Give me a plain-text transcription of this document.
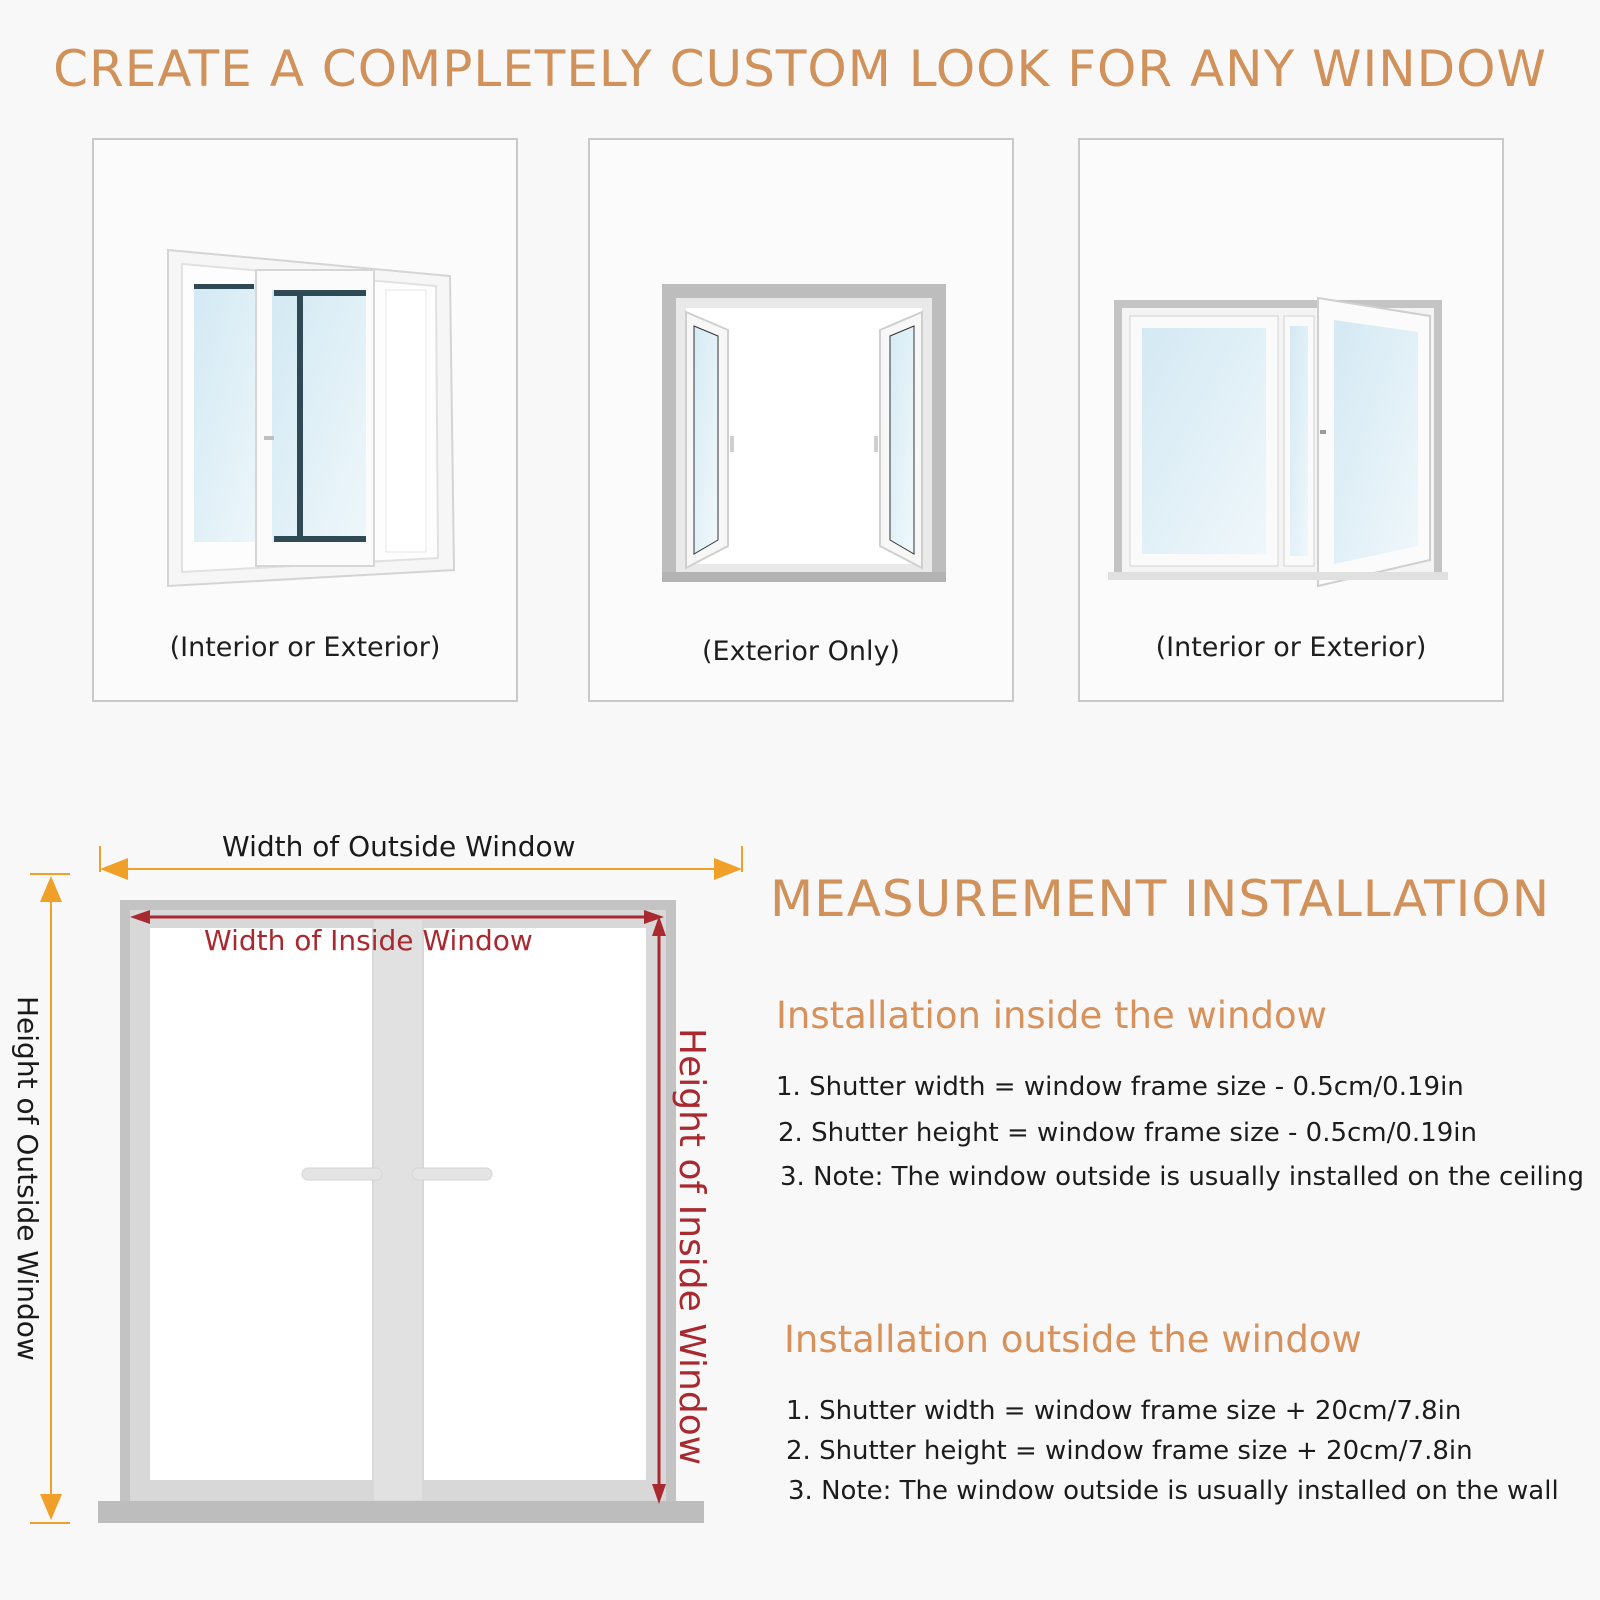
CREATE A COMPLETELY CUSTOM LOOK FOR ANY WINDOW
(Interior or Exterior)	(Exterior Only)	(Interior or Exterior)
Width of Outside Window
Width of Inside Window
Height of Outside Window	Height of Inside Window
MEASUREMENT INSTALLATION
Installation inside the window
1. Shutter width = window frame size - 0.5cm/0.19in
2. Shutter height = window frame size - 0.5cm/0.19in
3. Note: The window outside is usually installed on the ceiling
Installation outside the window
1. Shutter width = window frame size + 20cm/7.8in
2. Shutter height = window frame size + 20cm/7.8in
3. Note: The window outside is usually installed on the wall
